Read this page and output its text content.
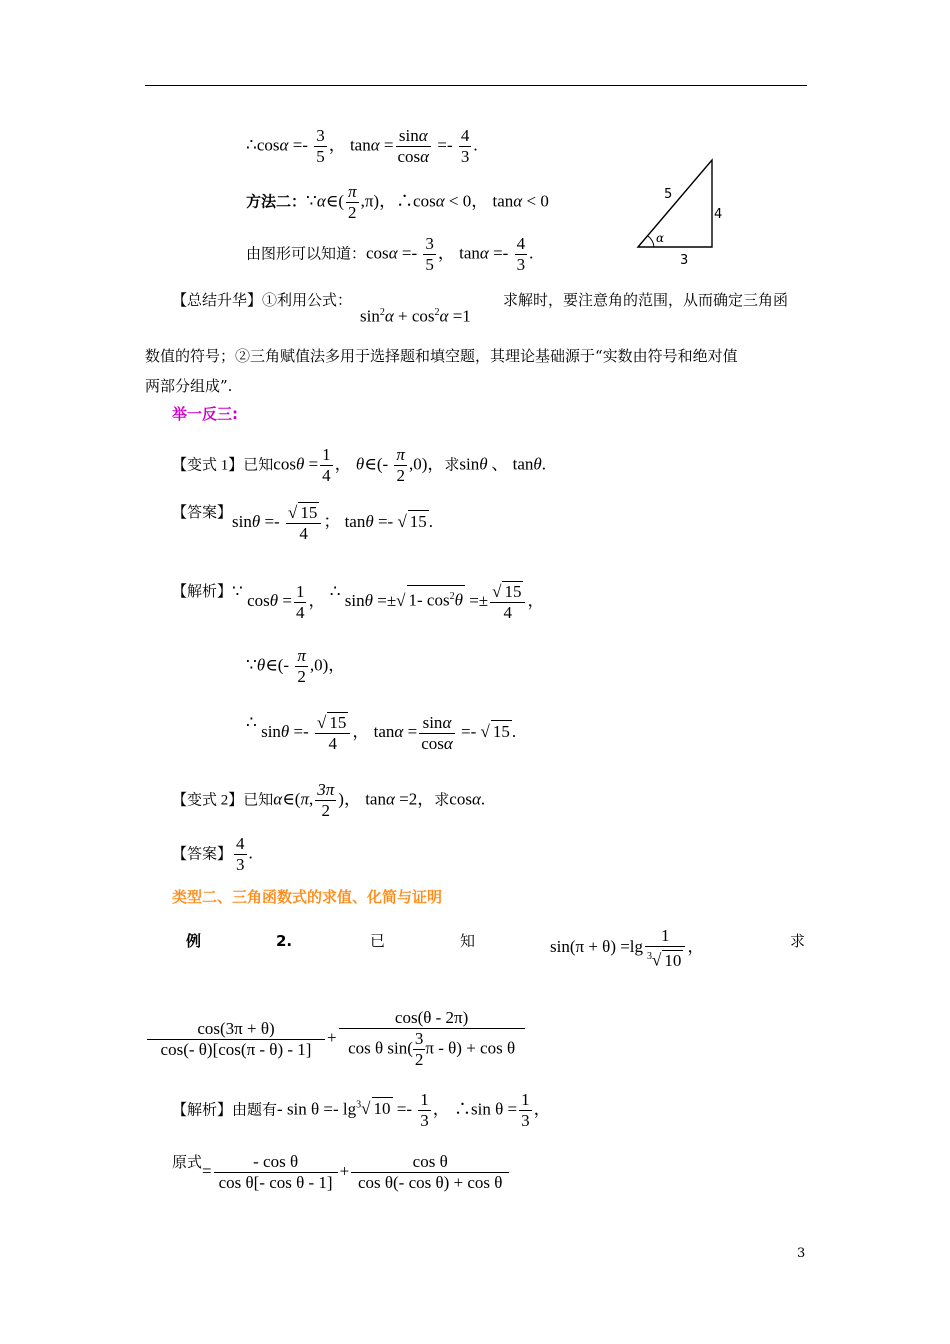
∴cosα =- $\frac{3}{5}$ ， $\tan\alpha = \frac{\sin\alpha}{\cos\alpha} =- \frac{4}{3}$ .
方法二：∵α∈( $\frac{\pi}{2} ,\pi$)，∴cosα < 0， tanα < 0	5
4
3
α
由图形可以知道：$\cos\alpha =- \frac{3}{5}$ ， $\tan\alpha =- \frac{4}{3}$ .
【总结升华】①利用公式：
$\sin^2\alpha + \cos^2\alpha =1$
求解时，要注意角的范围，从而确定三角函
数值的符号；②三角赋值法多用于选择题和填空题，其理论基础源于“实数由符号和绝对值
两部分组成”.
举一反三:
【变式 1】已知$\cos\theta = \frac{1}{4}$ ， θ∈(- $\frac{\pi}{2} ,0$)，求sinθ 、 tanθ.
【答案】$\sin\theta =- \frac{√ 15}{4}$ ； tanθ =- √ 15 .
【解析】∵ $\cos\theta = \frac{1}{4}$ ， ∴ sinθ =±√ 1- $\cos^2\theta =\pm \frac{√ 15}{4}$ ，
∵θ∈(- $\frac{\pi}{2} ,0$)，
∴ $\sin\theta =- \frac{√ 15}{4}$ ， $\tan\alpha = \frac{\sin\alpha}{\cos\alpha}$ =- √ 15 .
【变式 2】已知α∈(π, $\frac{3\pi}{2}$ )， tanα =2，求cosα.
【答案】 $\frac{4}{3}$ .
类型二、三角函数式的求值、化简与证明
例	2.	已	知	$\sin(\pi + \theta) =\lg \frac{1}{^3√ 10}$ ，	求
$\frac{\cos(3\pi + \theta)}{\cos(- \theta)[\cos(\pi - \theta) - 1]} + \frac{\cos(\theta - 2\pi)}{\cos \theta \sin( \frac{3}{2} \pi - \theta) + \cos \theta}$
【解析】由题有- $\sin \theta =- \lg^3√$ $10 =- \frac{1}{3}$ ， ∴sin $\theta = \frac{1}{3}$ ，
原式= $\frac{\text{- cos θ}}{\text{cos θ[- cos θ - 1]}} + \frac{\text{cos θ}}{\text{cos θ(- cos θ) + cos θ}}$
3
